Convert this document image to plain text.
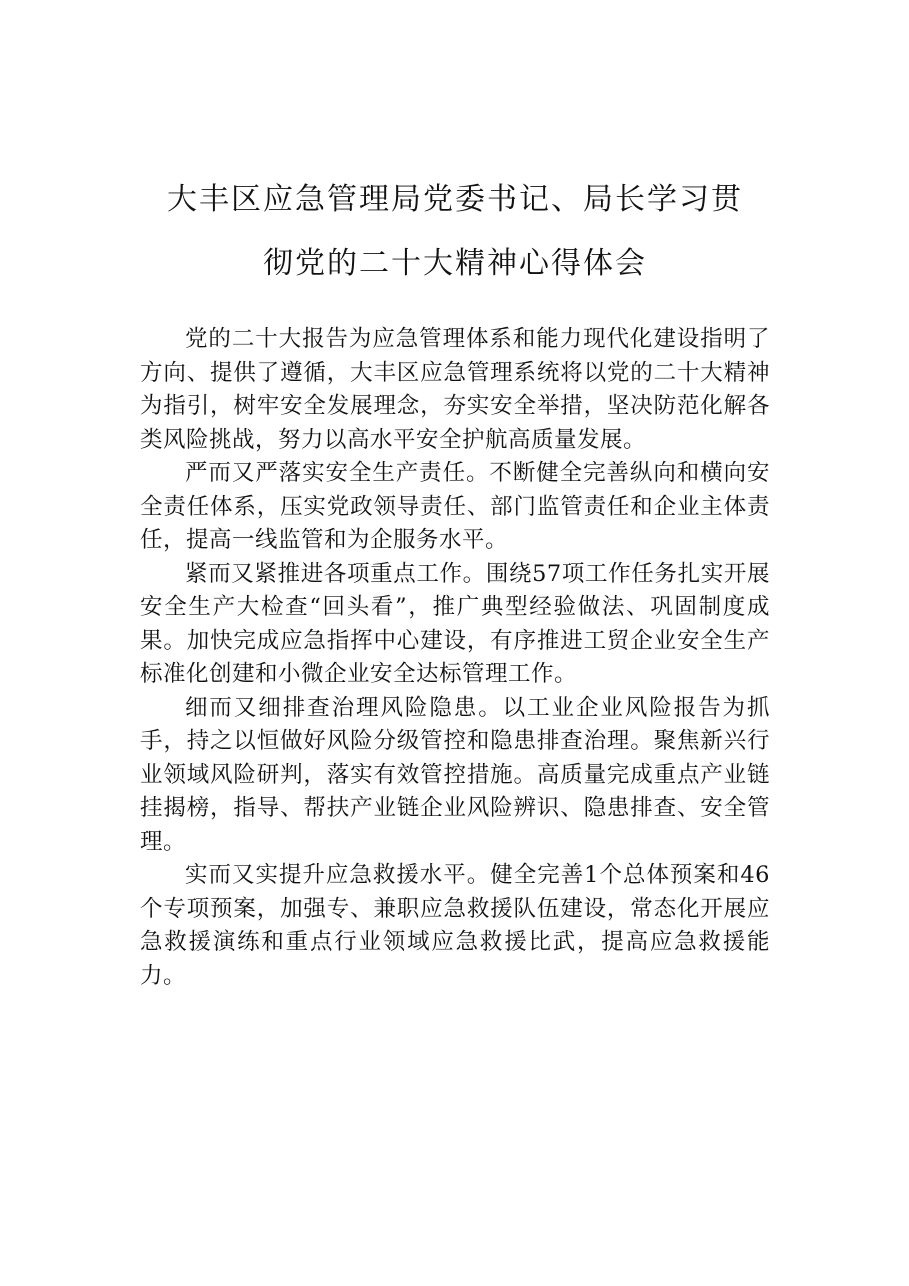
大丰区应急管理局党委书记、局长学习贯
彻党的二十大精神心得体会

党的二十大报告为应急管理体系和能力现代化建设指明了方向、提供了遵循，大丰区应急管理系统将以党的二十大精神为指引，树牢安全发展理念，夯实安全举措，坚决防范化解各类风险挑战，努力以高水平安全护航高质量发展。

严而又严落实安全生产责任。不断健全完善纵向和横向安全责任体系，压实党政领导责任、部门监管责任和企业主体责任，提高一线监管和为企服务水平。

紧而又紧推进各项重点工作。围绕57项工作任务扎实开展安全生产大检查“回头看”，推广典型经验做法、巩固制度成果。加快完成应急指挥中心建设，有序推进工贸企业安全生产标准化创建和小微企业安全达标管理工作。

细而又细排查治理风险隐患。以工业企业风险报告为抓手，持之以恒做好风险分级管控和隐患排查治理。聚焦新兴行业领域风险研判，落实有效管控措施。高质量完成重点产业链挂揭榜，指导、帮扶产业链企业风险辨识、隐患排查、安全管理。

实而又实提升应急救援水平。健全完善1个总体预案和46个专项预案，加强专、兼职应急救援队伍建设，常态化开展应急救援演练和重点行业领域应急救援比武，提高应急救援能力。
